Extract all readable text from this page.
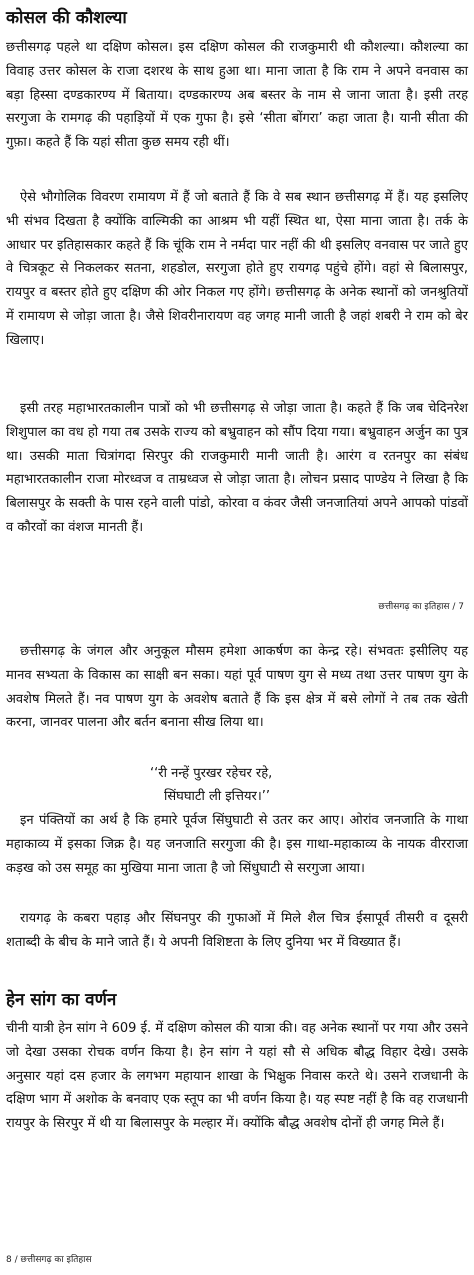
कोसल की कौशल्या

छत्तीसगढ़ पहले था दक्षिण कोसल। इस दक्षिण कोसल की राजकुमारी थी कौशल्या। कौशल्या का विवाह उत्तर कोसल के राजा दशरथ के साथ हुआ था। माना जाता है कि राम ने अपने वनवास का बड़ा हिस्सा दण्डकारण्य में बिताया। दण्डकारण्य अब बस्तर के नाम से जाना जाता है। इसी तरह सरगुजा के रामगढ़ की पहाड़ियों में एक गुफा है। इसे ‘सीता बोंगरा’ कहा जाता है। यानी सीता की गुफ़ा। कहते हैं कि यहां सीता कुछ समय रही थीं।

ऐसे भौगोलिक विवरण रामायण में हैं जो बताते हैं कि वे सब स्थान छत्तीसगढ़ में हैं। यह इसलिए भी संभव दिखता है क्योंकि वाल्मिकी का आश्रम भी यहीं स्थित था, ऐसा माना जाता है। तर्क के आधार पर इतिहासकार कहते हैं कि चूंकि राम ने नर्मदा पार नहीं की थी इसलिए वनवास पर जाते हुए वे चित्रकूट से निकलकर सतना, शहडोल, सरगुजा होते हुए रायगढ़ पहुंचे होंगे। वहां से बिलासपुर, रायपुर व बस्तर होते हुए दक्षिण की ओर निकल गए होंगे। छत्तीसगढ़ के अनेक स्थानों को जनश्रुतियों में रामायण से जोड़ा जाता है। जैसे शिवरीनारायण वह जगह मानी जाती है जहां शबरी ने राम को बेर खिलाए।

इसी तरह महाभारतकालीन पात्रों को भी छत्तीसगढ़ से जोड़ा जाता है। कहते हैं कि जब चेदिनरेश शिशुपाल का वध हो गया तब उसके राज्य को बभ्रुवाहन को सौंप दिया गया। बभ्रुवाहन अर्जुन का पुत्र था। उसकी माता चित्रांगदा सिरपुर की राजकुमारी मानी जाती है। आरंग व रतनपुर का संबंध महाभारतकालीन राजा मोरध्वज व ताम्रध्वज से जोड़ा जाता है। लोचन प्रसाद पाण्डेय ने लिखा है कि बिलासपुर के सक्ती के पास रहने वाली पांडो, कोरवा व कंवर जैसी जनजातियां अपने आपको पांडवों व कौरवों का वंशज मानती हैं।

छत्तीसगढ़ का इतिहास / 7

छत्तीसगढ़ के जंगल और अनुकूल मौसम हमेशा आकर्षण का केन्द्र रहे। संभवतः इसीलिए यह मानव सभ्यता के विकास का साक्षी बन सका। यहां पूर्व पाषण युग से मध्य तथा उत्तर पाषण युग के अवशेष मिलते हैं। नव पाषण युग के अवशेष बताते हैं कि इस क्षेत्र में बसे लोगों ने तब तक खेती करना, जानवर पालना और बर्तन बनाना सीख लिया था।

‘‘री नन्हें पुरखर रहेचर रहे,
सिंघघाटी ली इत्तियर।’’

इन पंक्तियों का अर्थ है कि हमारे पूर्वज सिंघुघाटी से उतर कर आए। ओरांव जनजाति के गाथा महाकाव्य में इसका जिक्र है। यह जनजाति सरगुजा की है। इस गाथा-महाकाव्य के नायक वीरराजा कड़ख को उस समूह का मुखिया माना जाता है जो सिंधुघाटी से सरगुजा आया।

रायगढ़ के कबरा पहाड़ और सिंघनपुर की गुफाओं में मिले शैल चित्र ईसापूर्व तीसरी व दूसरी शताब्दी के बीच के माने जाते हैं। ये अपनी विशिष्टता के लिए दुनिया भर में विख्यात हैं।

हेन सांग का वर्णन

चीनी यात्री हेन सांग ने 609 ई. में दक्षिण कोसल की यात्रा की। वह अनेक स्थानों पर गया और उसने जो देखा उसका रोचक वर्णन किया है। हेन सांग ने यहां सौ से अधिक बौद्ध विहार देखे। उसके अनुसार यहां दस हजार के लगभग महायान शाखा के भिक्षुक निवास करते थे। उसने राजधानी के दक्षिण भाग में अशोक के बनवाए एक स्तूप का भी वर्णन किया है। यह स्पष्ट नहीं है कि वह राजधानी रायपुर के सिरपुर में थी या बिलासपुर के मल्हार में। क्योंकि बौद्ध अवशेष दोनों ही जगह मिले हैं।

8 / छत्तीसगढ़ का इतिहास
